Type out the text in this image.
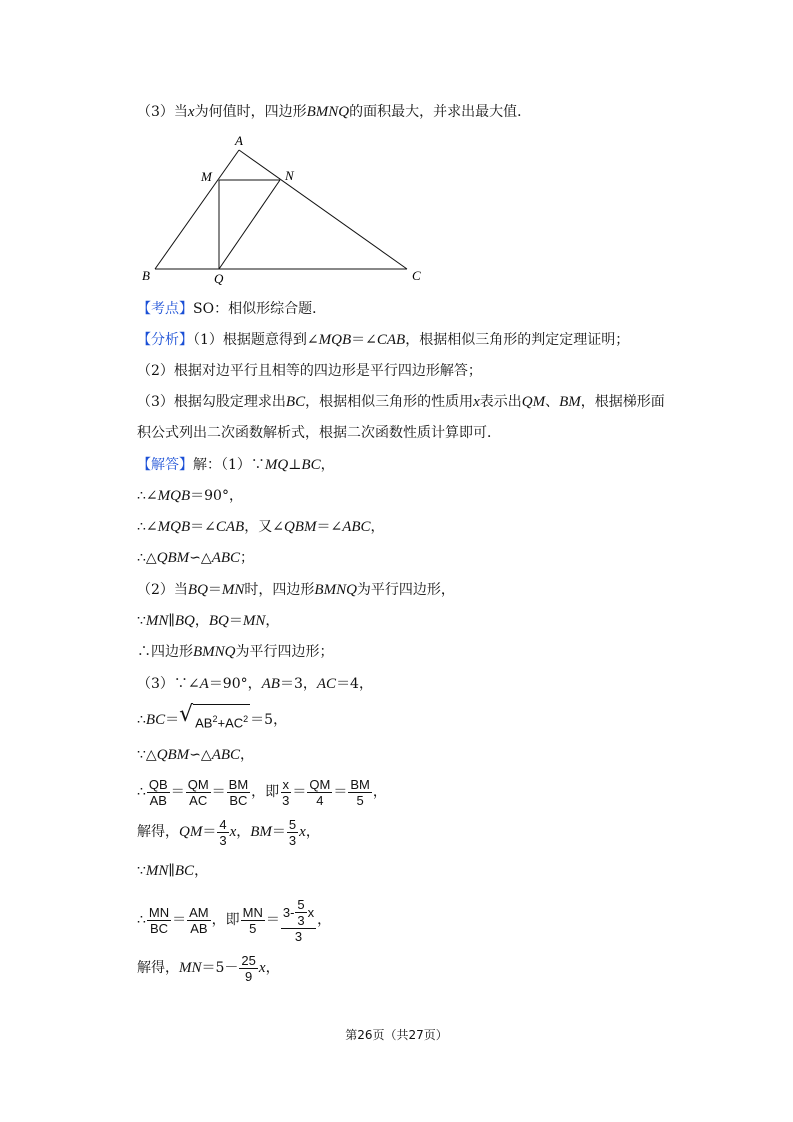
（3）当x为何值时，四边形BMNQ的面积最大，并求出最大值．
A
M	N
B	Q	C
【考点】SO：相似形综合题．
【分析】（1）根据题意得到∠MQB＝∠CAB，根据相似三角形的判定定理证明；
（2）根据对边平行且相等的四边形是平行四边形解答；
（3）根据勾股定理求出BC，根据相似三角形的性质用x表示出QM、BM，根据梯形面
积公式列出二次函数解析式，根据二次函数性质计算即可．
【解答】解：（1）∵MQ⊥BC，
∴∠MQB＝90°，
∴∠MQB＝∠CAB，又∠QBM＝∠ABC，
∴△QBM∽△ABC；
（2）当BQ＝MN时，四边形BMNQ为平行四边形，
∵MN∥BQ，BQ＝MN，
∴四边形BMNQ为平行四边形；
（3）∵∠A＝90°，AB＝3，AC＝4，
∴BC＝ √ $AB^2+AC^2 =5$，
∵△QBM∽△ABC，
∴ $\frac{QB}{AB} = \frac{QM}{AC} = \frac{BM}{BC}$ ，即 $\frac{x}{3} = \frac{QM}{4} = \frac{BM}{5}$ ，
解得，$QM= \frac{4}{3}$ x，$BM= \frac{5}{3}$ x，
∵MN∥BC，
∴ $\frac{MN}{BC} = \frac{AM}{AB}$ ，即 $\frac{MN}{5} = \frac{3- \frac{5}{3} x}{3}$ ，
解得，$MN=5- \frac{25}{9}$ x，
第26页（共27页）
